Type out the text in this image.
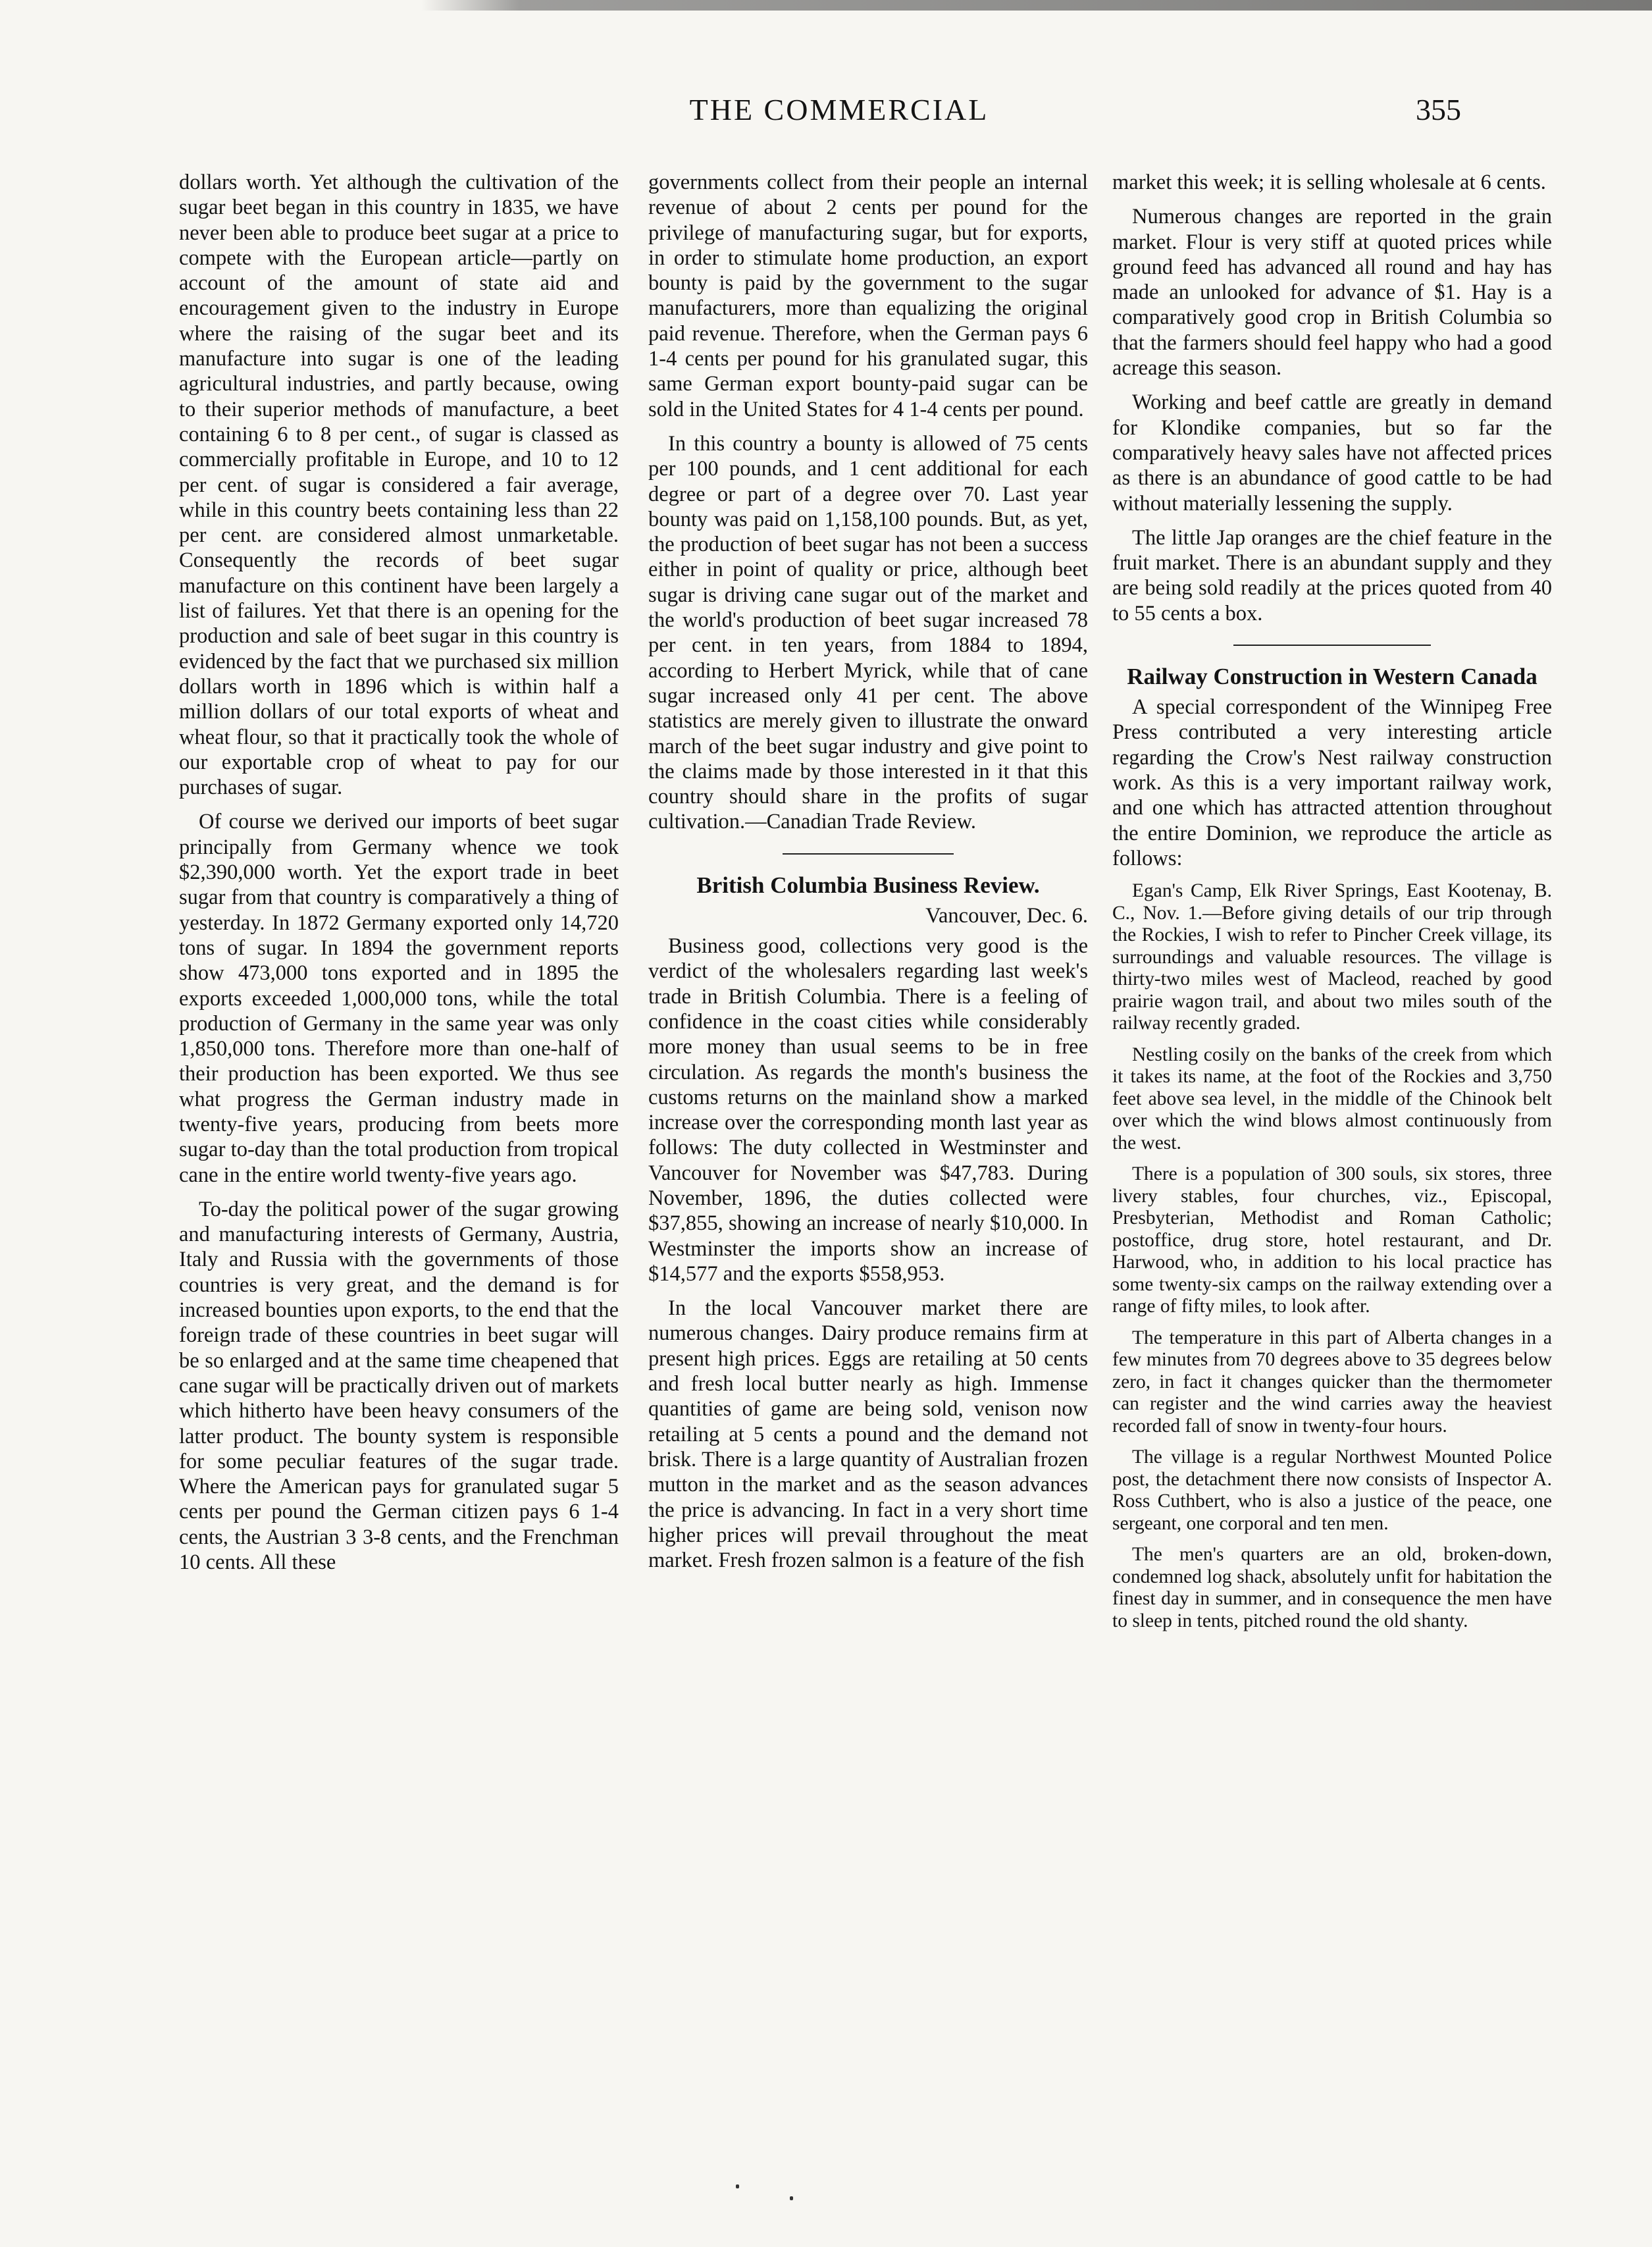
THE COMMERCIAL	355

dollars worth. Yet although the cultivation of the sugar beet began in this country in 1835, we have never been able to produce beet sugar at a price to compete with the European article—partly on account of the amount of state aid and encouragement given to the industry in Europe where the raising of the sugar beet and its manufacture into sugar is one of the leading agricultural industries, and partly because, owing to their superior methods of manufacture, a beet containing 6 to 8 per cent., of sugar is classed as commercially profitable in Europe, and 10 to 12 per cent. of sugar is considered a fair average, while in this country beets containing less than 22 per cent. are considered almost unmarketable. Consequently the records of beet sugar manufacture on this continent have been largely a list of failures. Yet that there is an opening for the production and sale of beet sugar in this country is evidenced by the fact that we purchased six million dollars worth in 1896 which is within half a million dollars of our total exports of wheat and wheat flour, so that it practically took the whole of our exportable crop of wheat to pay for our purchases of sugar.

Of course we derived our imports of beet sugar principally from Germany whence we took $2,390,000 worth. Yet the export trade in beet sugar from that country is comparatively a thing of yesterday. In 1872 Germany exported only 14,720 tons of sugar. In 1894 the government reports show 473,000 tons exported and in 1895 the exports exceeded 1,000,000 tons, while the total production of Germany in the same year was only 1,850,000 tons. Therefore more than one-half of their production has been exported. We thus see what progress the German industry made in twenty-five years, producing from beets more sugar to-day than the total production from tropical cane in the entire world twenty-five years ago.

To-day the political power of the sugar growing and manufacturing interests of Germany, Austria, Italy and Russia with the governments of those countries is very great, and the demand is for increased bounties upon exports, to the end that the foreign trade of these countries in beet sugar will be so enlarged and at the same time cheapened that cane sugar will be practically driven out of markets which hitherto have been heavy consumers of the latter product. The bounty system is responsible for some peculiar features of the sugar trade. Where the American pays for granulated sugar 5 cents per pound the German citizen pays 6 1-4 cents, the Austrian 3 3-8 cents, and the Frenchman 10 cents. All these

governments collect from their people an internal revenue of about 2 cents per pound for the privilege of manufacturing sugar, but for exports, in order to stimulate home production, an export bounty is paid by the government to the sugar manufacturers, more than equalizing the original paid revenue. Therefore, when the German pays 6 1-4 cents per pound for his granulated sugar, this same German export bounty-paid sugar can be sold in the United States for 4 1-4 cents per pound.

In this country a bounty is allowed of 75 cents per 100 pounds, and 1 cent additional for each degree or part of a degree over 70. Last year bounty was paid on 1,158,100 pounds. But, as yet, the production of beet sugar has not been a success either in point of quality or price, although beet sugar is driving cane sugar out of the market and the world's production of beet sugar increased 78 per cent. in ten years, from 1884 to 1894, according to Herbert Myrick, while that of cane sugar increased only 41 per cent. The above statistics are merely given to illustrate the onward march of the beet sugar industry and give point to the claims made by those interested in it that this country should share in the profits of sugar cultivation.—Canadian Trade Review.

British Columbia Business Review.

Vancouver, Dec. 6.

Business good, collections very good is the verdict of the wholesalers regarding last week's trade in British Columbia. There is a feeling of confidence in the coast cities while considerably more money than usual seems to be in free circulation. As regards the month's business the customs returns on the mainland show a marked increase over the corresponding month last year as follows: The duty collected in Westminster and Vancouver for November was $47,783. During November, 1896, the duties collected were $37,855, showing an increase of nearly $10,000. In Westminster the imports show an increase of $14,577 and the exports $558,953.

In the local Vancouver market there are numerous changes. Dairy produce remains firm at present high prices. Eggs are retailing at 50 cents and fresh local butter nearly as high. Immense quantities of game are being sold, venison now retailing at 5 cents a pound and the demand not brisk. There is a large quantity of Australian frozen mutton in the market and as the season advances the price is advancing. In fact in a very short time higher prices will prevail throughout the meat market. Fresh frozen salmon is a feature of the fish

market this week; it is selling wholesale at 6 cents.

Numerous changes are reported in the grain market. Flour is very stiff at quoted prices while ground feed has advanced all round and hay has made an unlooked for advance of $1. Hay is a comparatively good crop in British Columbia so that the farmers should feel happy who had a good acreage this season.

Working and beef cattle are greatly in demand for Klondike companies, but so far the comparatively heavy sales have not affected prices as there is an abundance of good cattle to be had without materially lessening the supply.

The little Jap oranges are the chief feature in the fruit market. There is an abundant supply and they are being sold readily at the prices quoted from 40 to 55 cents a box.

Railway Construction in Western Canada

A special correspondent of the Winnipeg Free Press contributed a very interesting article regarding the Crow's Nest railway construction work. As this is a very important railway work, and one which has attracted attention throughout the entire Dominion, we reproduce the article as follows:

Egan's Camp, Elk River Springs, East Kootenay, B. C., Nov. 1.—Before giving details of our trip through the Rockies, I wish to refer to Pincher Creek village, its surroundings and valuable resources. The village is thirty-two miles west of Macleod, reached by good prairie wagon trail, and about two miles south of the railway recently graded.

Nestling cosily on the banks of the creek from which it takes its name, at the foot of the Rockies and 3,750 feet above sea level, in the middle of the Chinook belt over which the wind blows almost continuously from the west.

There is a population of 300 souls, six stores, three livery stables, four churches, viz., Episcopal, Presbyterian, Methodist and Roman Catholic; postoffice, drug store, hotel restaurant, and Dr. Harwood, who, in addition to his local practice has some twenty-six camps on the railway extending over a range of fifty miles, to look after.

The temperature in this part of Alberta changes in a few minutes from 70 degrees above to 35 degrees below zero, in fact it changes quicker than the thermometer can register and the wind carries away the heaviest recorded fall of snow in twenty-four hours.

The village is a regular Northwest Mounted Police post, the detachment there now consists of Inspector A. Ross Cuthbert, who is also a justice of the peace, one sergeant, one corporal and ten men.

The men's quarters are an old, broken-down, condemned log shack, absolutely unfit for habitation the finest day in summer, and in consequence the men have to sleep in tents, pitched round the old shanty.
